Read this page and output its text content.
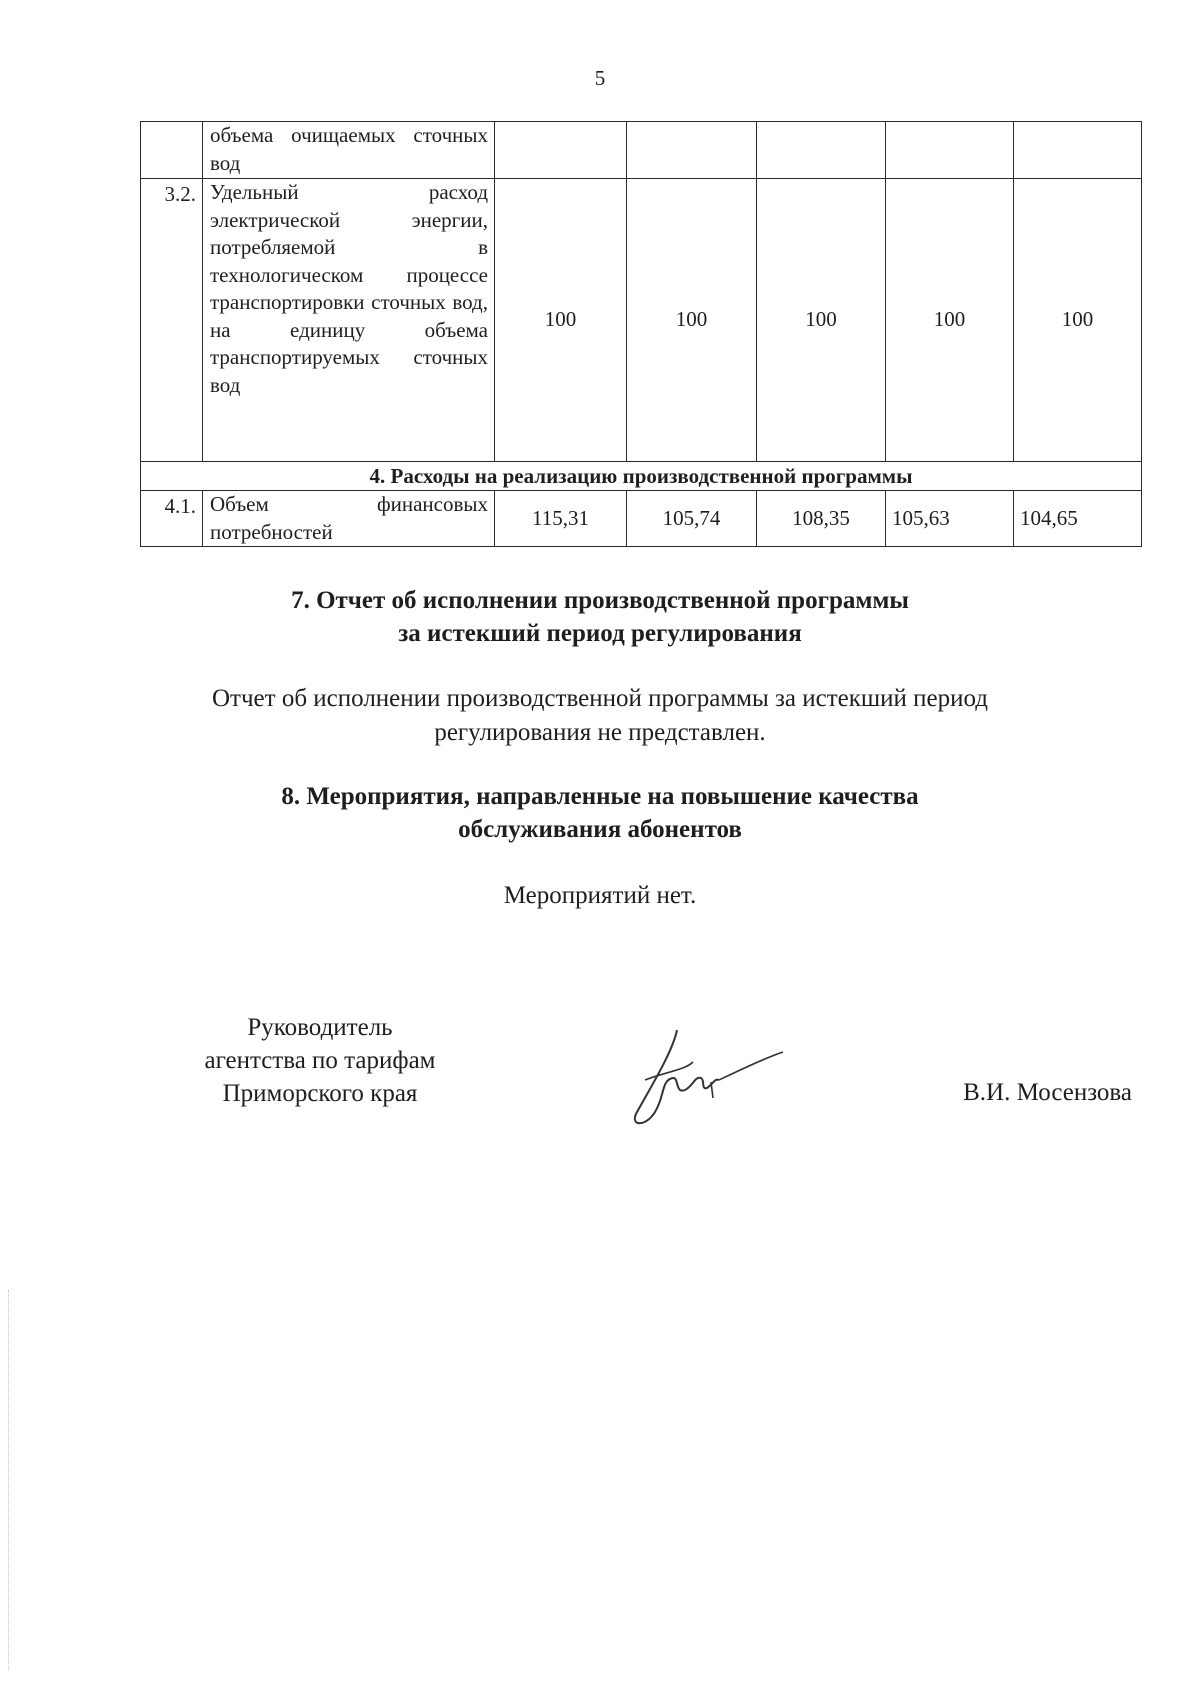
5
	объема очищаемых сточных вод					
3.2.	Удельный расход электрической энергии, потребляемой в технологическом процессе транспортировки сточных вод, на единицу объема транспортируемых сточных вод	100	100	100	100	100
4. Расходы на реализацию производственной программы						
4.1.	Объем финансовых потребностей	115,31	105,74	108,35	105,63	104,65
7. Отчет об исполнении производственной программы
за истекший период регулирования
Отчет об исполнении производственной программы за истекший период
регулирования не представлен.
8. Мероприятия, направленные на повышение качества
обслуживания абонентов
Мероприятий нет.
Руководитель
агентства по тарифам
Приморского края	В.И. Мосензова
